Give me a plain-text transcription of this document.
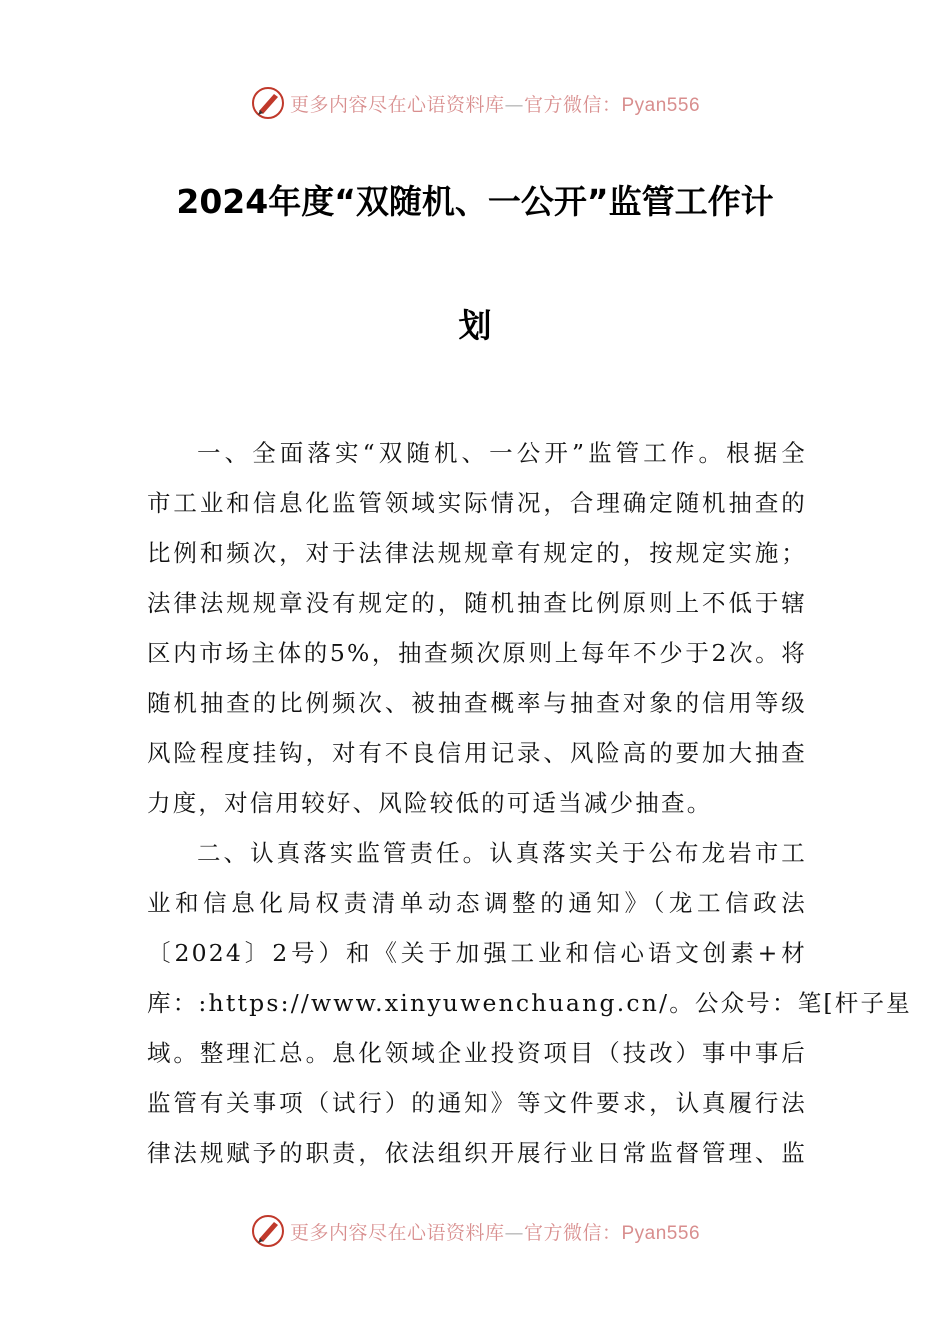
更多内容尽在心语资料库—官方微信：Pyan556
2024年度“双随机、一公开”监管工作计
划
一、全面落实“双随机、一公开”监管工作。根据全
市工业和信息化监管领域实际情况，合理确定随机抽查的
比例和频次，对于法律法规规章有规定的，按规定实施；
法律法规规章没有规定的，随机抽查比例原则上不低于辖
区内市场主体的5%，抽查频次原则上每年不少于2次。将
随机抽查的比例频次、被抽查概率与抽查对象的信用等级
风险程度挂钩，对有不良信用记录、风险高的要加大抽查
力度，对信用较好、风险较低的可适当减少抽查。
二、认真落实监管责任。认真落实关于公布龙岩市工
业和信息化局权责清单动态调整的通知》（龙工信政法
〔2024〕2号）和《关于加强工业和信心语文创素+材
库：:https://www.xinyuwenchuang.cn/。公众号：笔[杆子星
域。整理汇总。息化领域企业投资项目（技改）事中事后
监管有关事项（试行）的通知》等文件要求，认真履行法
律法规赋予的职责，依法组织开展行业日常监督管理、监
更多内容尽在心语资料库—官方微信：Pyan556
